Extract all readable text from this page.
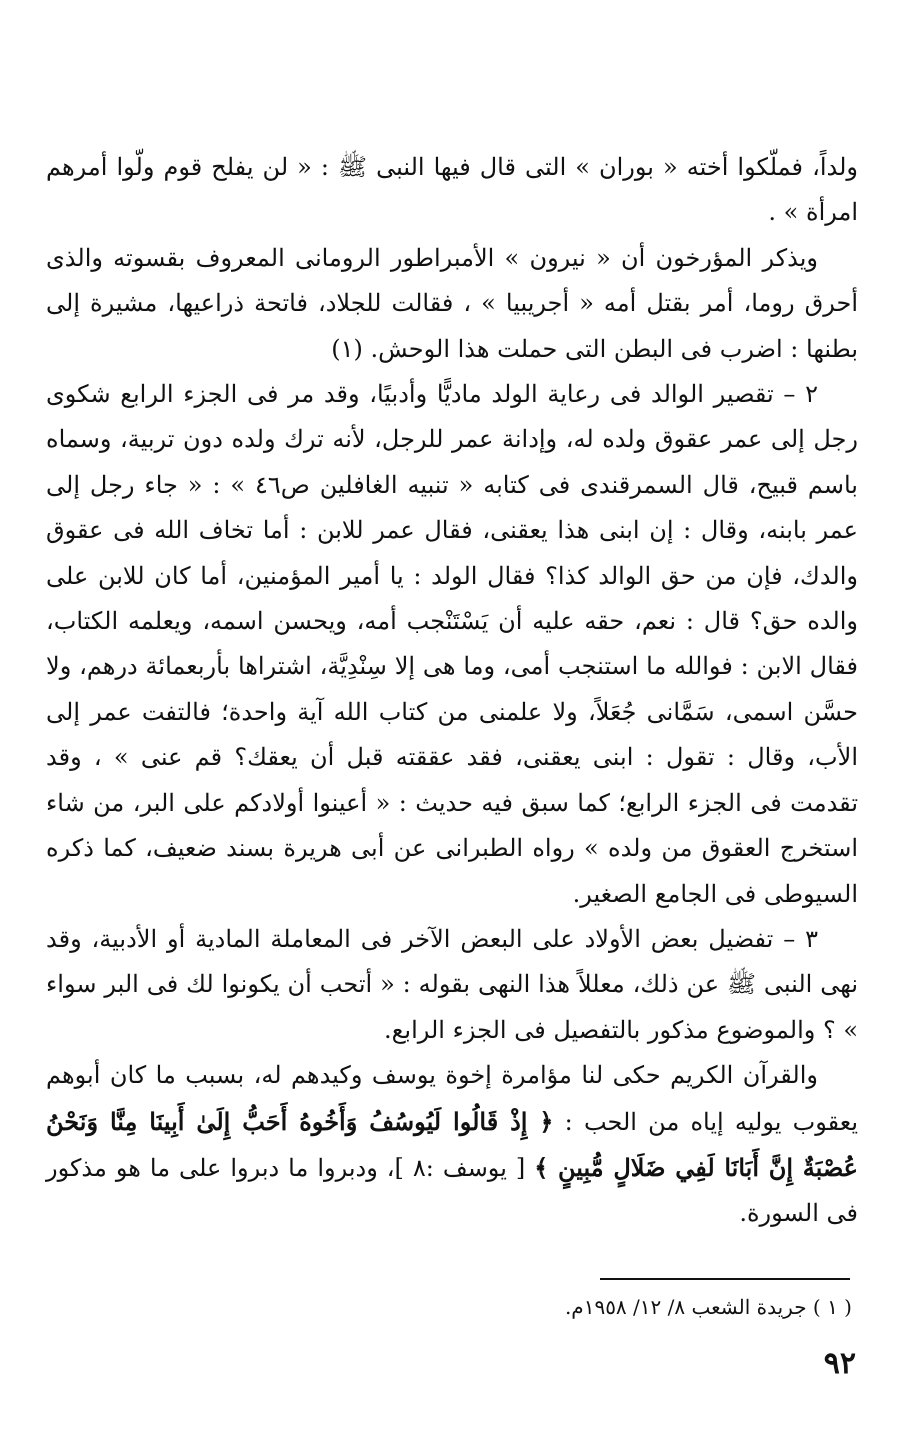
ولداً، فملّكوا أخته « بوران » التى قال فيها النبى ﷺ : « لن يفلح قوم ولّوا أمرهم امرأة » .

ويذكر المؤرخون أن « نيرون » الأمبراطور الرومانى المعروف بقسوته والذى أحرق روما، أمر بقتل أمه « أجريبيا » ، فقالت للجلاد، فاتحة ذراعيها، مشيرة إلى بطنها : اضرب فى البطن التى حملت هذا الوحش. (١)

٢ – تقصير الوالد فى رعاية الولد ماديًّا وأدبيًا، وقد مر فى الجزء الرابع شكوى رجل إلى عمر عقوق ولده له، وإدانة عمر للرجل، لأنه ترك ولده دون تربية، وسماه باسم قبيح، قال السمرقندى فى كتابه « تنبيه الغافلين ص٤٦ » : « جاء رجل إلى عمر بابنه، وقال : إن ابنى هذا يعقنى، فقال عمر للابن : أما تخاف الله فى عقوق والدك، فإن من حق الوالد كذا؟ فقال الولد : يا أمير المؤمنين، أما كان للابن على والده حق؟ قال : نعم، حقه عليه أن يَسْتَنْجب أمه، ويحسن اسمه، ويعلمه الكتاب، فقال الابن : فوالله ما استنجب أمى، وما هى إلا سِنْدِيَّة، اشتراها بأربعمائة درهم، ولا حسَّن اسمى، سَمَّانى جُعَلاً، ولا علمنى من كتاب الله آية واحدة؛ فالتفت عمر إلى الأب، وقال : تقول : ابنى يعقنى، فقد عققته قبل أن يعقك؟ قم عنى » ، وقد تقدمت فى الجزء الرابع؛ كما سبق فيه حديث : « أعينوا أولادكم على البر، من شاء استخرج العقوق من ولده » رواه الطبرانى عن أبى هريرة بسند ضعيف، كما ذكره السيوطى فى الجامع الصغير.

٣ – تفضيل بعض الأولاد على البعض الآخر فى المعاملة المادية أو الأدبية، وقد نهى النبى ﷺ عن ذلك، معللاً هذا النهى بقوله : « أتحب أن يكونوا لك فى البر سواء » ؟ والموضوع مذكور بالتفصيل فى الجزء الرابع.

والقرآن الكريم حكى لنا مؤامرة إخوة يوسف وكيدهم له، بسبب ما كان أبوهم يعقوب يوليه إياه من الحب : ﴿ إِذْ قَالُوا لَيُوسُفُ وَأَخُوهُ أَحَبُّ إِلَىٰ أَبِينَا مِنَّا وَنَحْنُ عُصْبَةٌ إِنَّ أَبَانَا لَفِي ضَلَالٍ مُّبِينٍ ﴾ [ يوسف :٨ ]، ودبروا ما دبروا على ما هو مذكور فى السورة.

( ١ ) جريدة الشعب ٨/ ١٢/ ١٩٥٨م.
٩٢
